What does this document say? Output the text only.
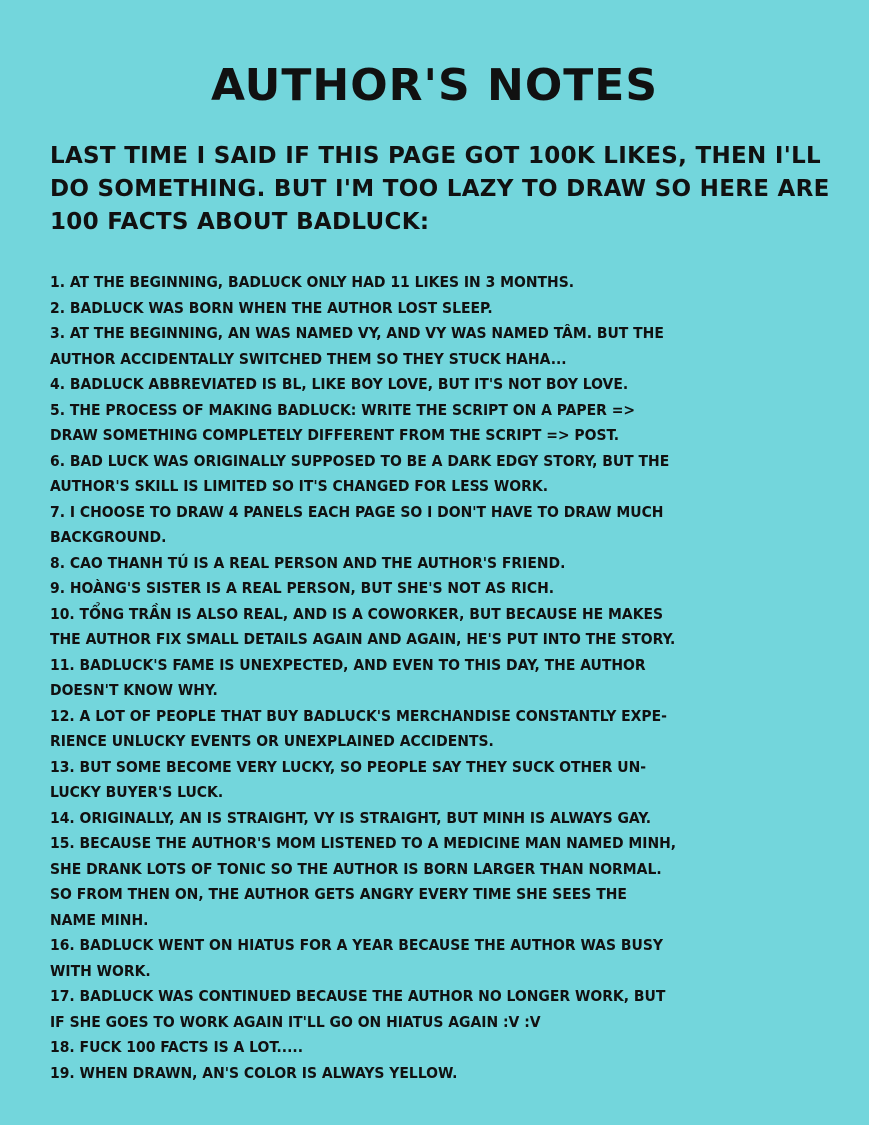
AUTHOR'S NOTES
LAST TIME I SAID IF THIS PAGE GOT 100K LIKES, THEN I'LL DO SOMETHING. BUT I'M TOO LAZY TO DRAW SO HERE ARE 100 FACTS ABOUT BADLUCK:
1. AT THE BEGINNING, BADLUCK ONLY HAD 11 LIKES IN 3 MONTHS.
2. BADLUCK WAS BORN WHEN THE AUTHOR LOST SLEEP.
3. AT THE BEGINNING, AN WAS NAMED VY, AND VY WAS NAMED TÂM. BUT THE
AUTHOR ACCIDENTALLY SWITCHED THEM SO THEY STUCK HAHA...
4. BADLUCK ABBREVIATED IS BL, LIKE BOY LOVE, BUT IT'S NOT BOY LOVE.
5. THE PROCESS OF MAKING BADLUCK: WRITE THE SCRIPT ON A PAPER =>
DRAW SOMETHING COMPLETELY DIFFERENT FROM THE SCRIPT => POST.
6. BAD LUCK WAS ORIGINALLY SUPPOSED TO BE A DARK EDGY STORY, BUT THE
AUTHOR'S SKILL IS LIMITED SO IT'S CHANGED FOR LESS WORK.
7. I CHOOSE TO DRAW 4 PANELS EACH PAGE SO I DON'T HAVE TO DRAW MUCH
BACKGROUND.
8. CAO THANH TÚ IS A REAL PERSON AND THE AUTHOR'S FRIEND.
9. HOÀNG'S SISTER IS A REAL PERSON, BUT SHE'S NOT AS RICH.
10. TỔNG TRẦN IS ALSO REAL, AND IS A COWORKER, BUT BECAUSE HE MAKES
THE AUTHOR FIX SMALL DETAILS AGAIN AND AGAIN, HE'S PUT INTO THE STORY.
11. BADLUCK'S FAME IS UNEXPECTED, AND EVEN TO THIS DAY, THE AUTHOR
DOESN'T KNOW WHY.
12. A LOT OF PEOPLE THAT BUY BADLUCK'S MERCHANDISE CONSTANTLY EXPE-
RIENCE UNLUCKY EVENTS OR UNEXPLAINED ACCIDENTS.
13. BUT SOME BECOME VERY LUCKY, SO PEOPLE SAY THEY SUCK OTHER UN-
LUCKY BUYER'S LUCK.
14. ORIGINALLY, AN IS STRAIGHT, VY IS STRAIGHT, BUT MINH IS ALWAYS GAY.
15. BECAUSE THE AUTHOR'S MOM LISTENED TO A MEDICINE MAN NAMED MINH,
SHE DRANK LOTS OF TONIC SO THE AUTHOR IS BORN LARGER THAN NORMAL.
SO FROM THEN ON, THE AUTHOR GETS ANGRY EVERY TIME SHE SEES THE
NAME MINH.
16. BADLUCK WENT ON HIATUS FOR A YEAR BECAUSE THE AUTHOR WAS BUSY
WITH WORK.
17. BADLUCK WAS CONTINUED BECAUSE THE AUTHOR NO LONGER WORK, BUT
IF SHE GOES TO WORK AGAIN IT'LL GO ON HIATUS AGAIN :V :V
18. FUCK 100 FACTS IS A LOT.....
19. WHEN DRAWN, AN'S COLOR IS ALWAYS YELLOW.
